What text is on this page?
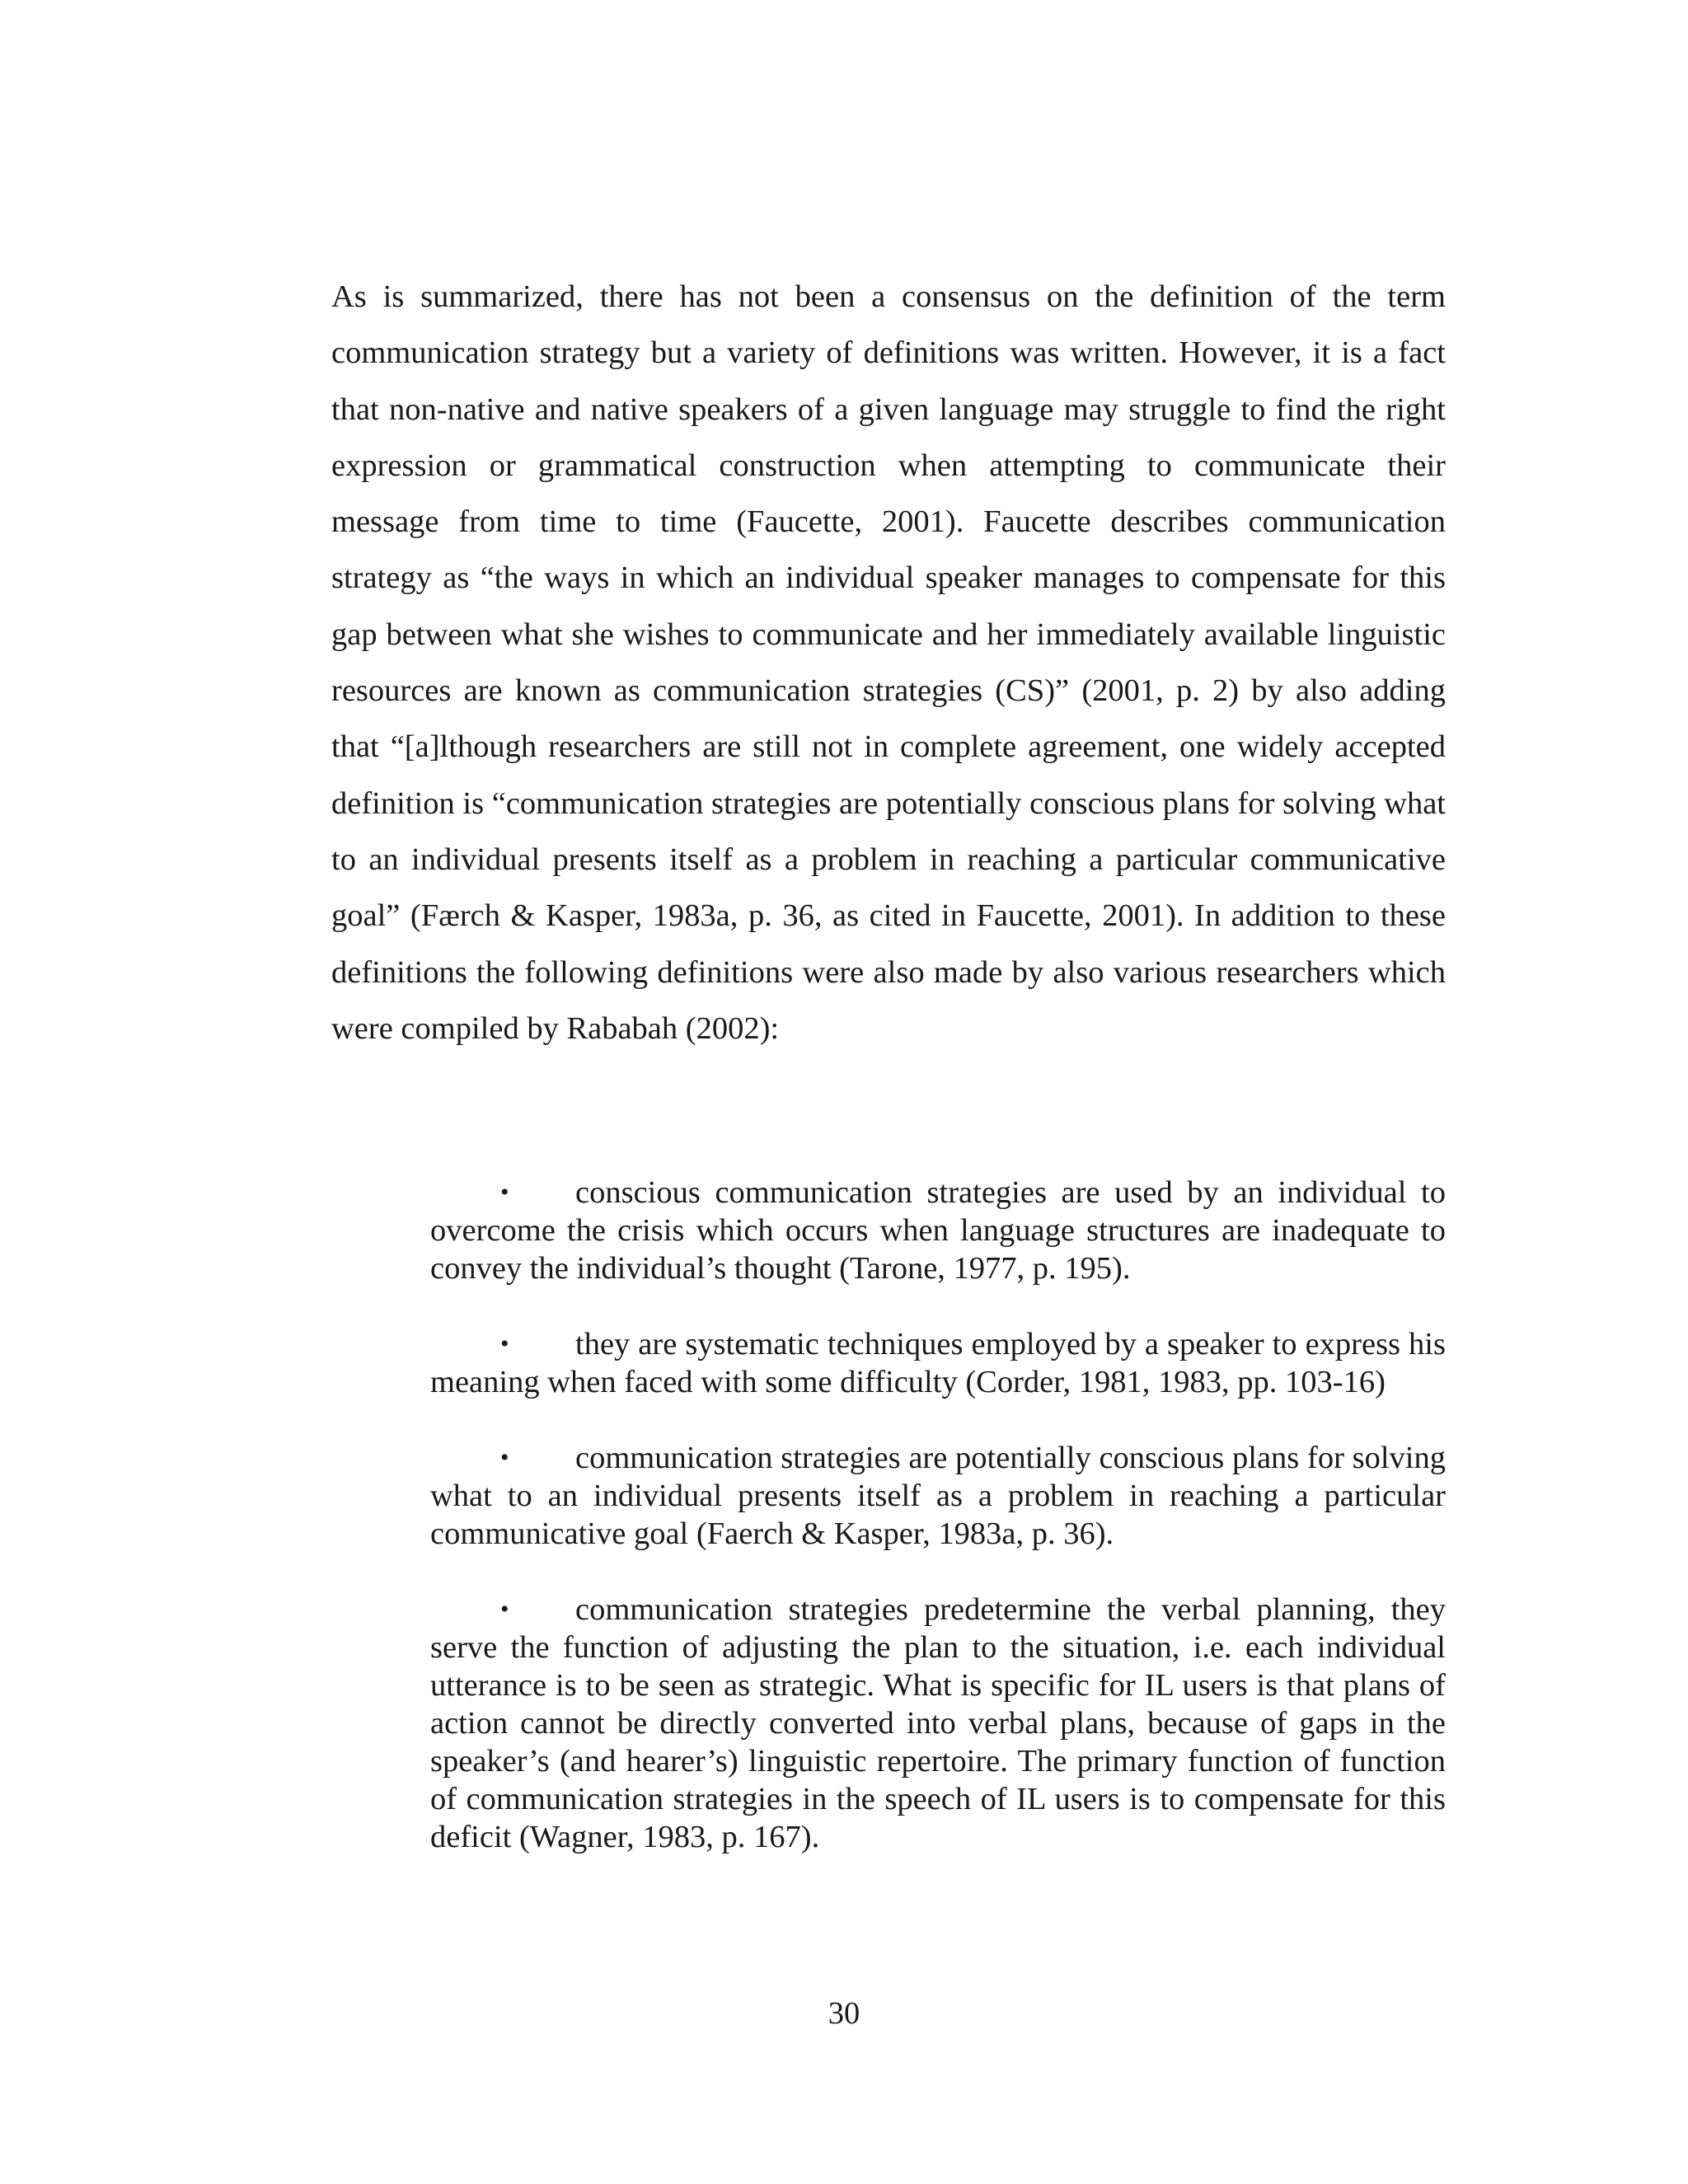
As is summarized, there has not been a consensus on the definition of the term communication strategy but a variety of definitions was written. However, it is a fact that non-native and native speakers of a given language may struggle to find the right expression or grammatical construction when attempting to communicate their message from time to time (Faucette, 2001). Faucette describes communication strategy as “the ways in which an individual speaker manages to compensate for this gap between what she wishes to communicate and her immediately available linguistic resources are known as communication strategies (CS)” (2001, p. 2) by also adding that “[a]lthough researchers are still not in complete agreement, one widely accepted definition is “communication strategies are potentially conscious plans for solving what to an individual presents itself as a problem in reaching a particular communicative goal” (Færch & Kasper, 1983a, p. 36, as cited in Faucette, 2001). In addition to these definitions the following definitions were also made by also various researchers which were compiled by Rababah (2002):

• conscious communication strategies are used by an individual to overcome the crisis which occurs when language structures are inadequate to convey the individual’s thought (Tarone, 1977, p. 195).
• they are systematic techniques employed by a speaker to express his meaning when faced with some difficulty (Corder, 1981, 1983, pp. 103-16)
• communication strategies are potentially conscious plans for solving what to an individual presents itself as a problem in reaching a particular communicative goal (Faerch & Kasper, 1983a, p. 36).
• communication strategies predetermine the verbal planning, they serve the function of adjusting the plan to the situation, i.e. each individual utterance is to be seen as strategic. What is specific for IL users is that plans of action cannot be directly converted into verbal plans, because of gaps in the speaker’s (and hearer’s) linguistic repertoire. The primary function of function of communication strategies in the speech of IL users is to compensate for this deficit (Wagner, 1983, p. 167).
30
